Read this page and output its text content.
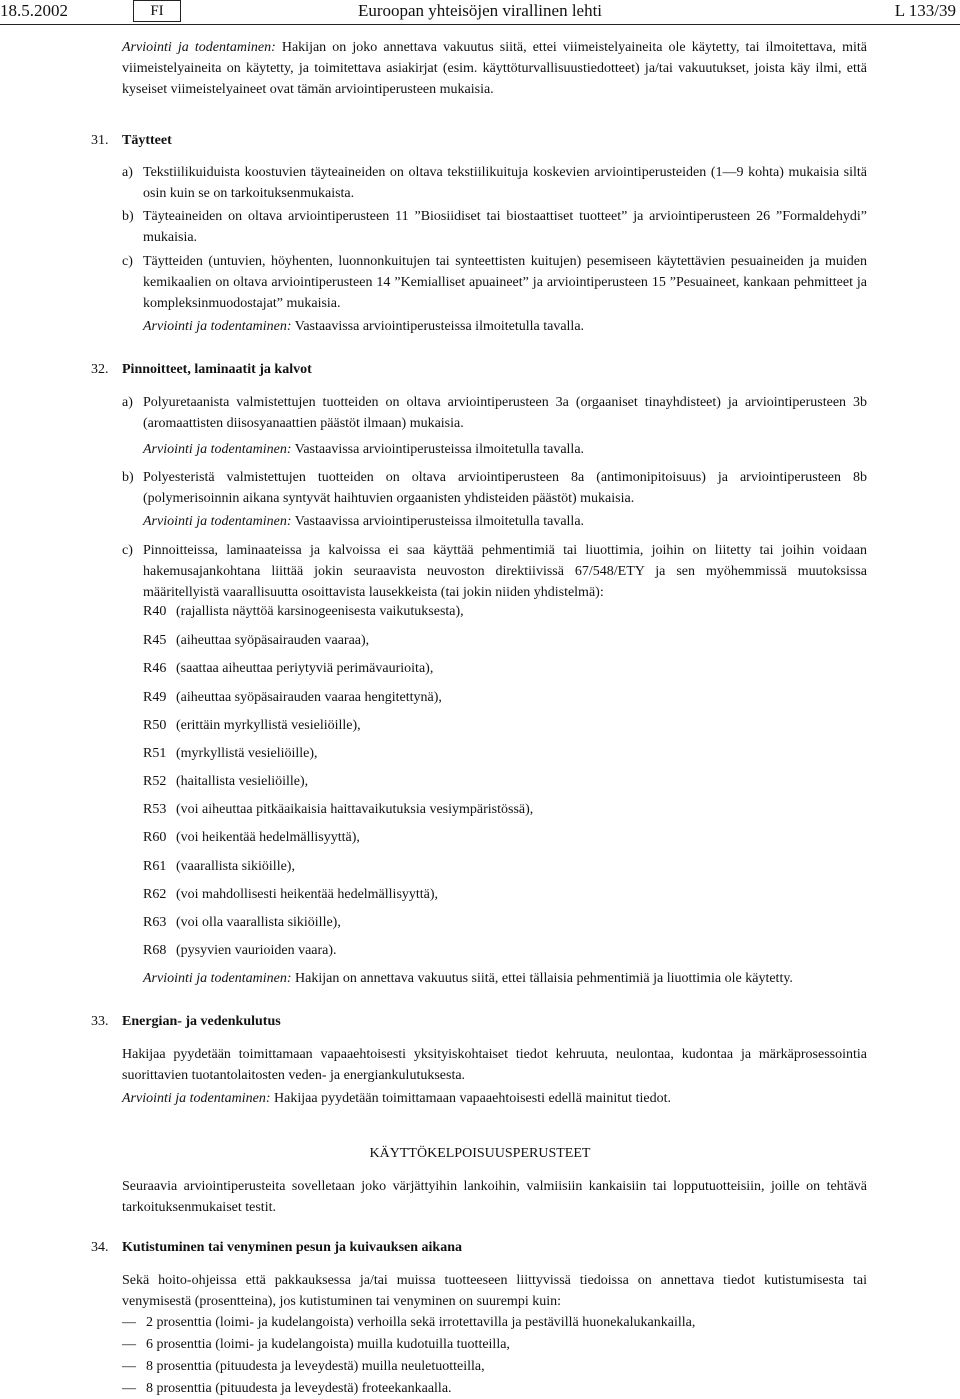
18.5.2002	FI	Euroopan yhteisöjen virallinen lehti	L 133/39
Arviointi ja todentaminen: Hakijan on joko annettava vakuutus siitä, ettei viimeistelyaineita ole käytetty, tai ilmoitettava, mitä viimeistelyaineita on käytetty, ja toimitettava asiakirjat (esim. käyttöturvallisuustiedotteet) ja/tai vakuutukset, joista käy ilmi, että kyseiset viimeistelyaineet ovat tämän arviointiperusteen mukaisia.
31. Täytteet
a) Tekstiilikuiduista koostuvien täyteaineiden on oltava tekstiilikuituja koskevien arviointiperusteiden (1—9 kohta) mukaisia siltä osin kuin se on tarkoituksenmukaista.
b) Täyteaineiden on oltava arviointiperusteen 11 ”Biosiidiset tai biostaattiset tuotteet” ja arviointiperusteen 26 ”Formaldehydi” mukaisia.
c) Täytteiden (untuvien, höyhenten, luonnonkuitujen tai synteettisten kuitujen) pesemiseen käytettävien pesuaineiden ja muiden kemikaalien on oltava arviointiperusteen 14 ”Kemialliset apuaineet” ja arviointiperusteen 15 ”Pesuaineet, kankaan pehmitteet ja kompleksinmuodostajat” mukaisia.
Arviointi ja todentaminen: Vastaavissa arviointiperusteissa ilmoitetulla tavalla.
32. Pinnoitteet, laminaatit ja kalvot
a) Polyuretaanista valmistettujen tuotteiden on oltava arviointiperusteen 3a (orgaaniset tinayhdisteet) ja arviointiperusteen 3b (aromaattisten diisosyanaattien päästöt ilmaan) mukaisia.
Arviointi ja todentaminen: Vastaavissa arviointiperusteissa ilmoitetulla tavalla.
b) Polyesteristä valmistettujen tuotteiden on oltava arviointiperusteen 8a (antimonipitoisuus) ja arviointiperusteen 8b (polymerisoinnin aikana syntyvät haihtuvien orgaanisten yhdisteiden päästöt) mukaisia.
Arviointi ja todentaminen: Vastaavissa arviointiperusteissa ilmoitetulla tavalla.
c) Pinnoitteissa, laminaateissa ja kalvoissa ei saa käyttää pehmentimiä tai liuottimia, joihin on liitetty tai joihin voidaan hakemusajankohtana liittää jokin seuraavista neuvoston direktiivissä 67/548/ETY ja sen myöhemmissä muutoksissa määritellyistä vaarallisuutta osoittavista lausekkeista (tai jokin niiden yhdistelmä):
R40 (rajallista näyttöä karsinogeenisesta vaikutuksesta),
R45 (aiheuttaa syöpäsairauden vaaraa),
R46 (saattaa aiheuttaa periytyviä perimävaurioita),
R49 (aiheuttaa syöpäsairauden vaaraa hengitettynä),
R50 (erittäin myrkyllistä vesieliöille),
R51 (myrkyllistä vesieliöille),
R52 (haitallista vesieliöille),
R53 (voi aiheuttaa pitkäaikaisia haittavaikutuksia vesiympäristössä),
R60 (voi heikentää hedelmällisyyttä),
R61 (vaarallista sikiöille),
R62 (voi mahdollisesti heikentää hedelmällisyyttä),
R63 (voi olla vaarallista sikiöille),
R68 (pysyvien vaurioiden vaara).
Arviointi ja todentaminen: Hakijan on annettava vakuutus siitä, ettei tällaisia pehmentimiä ja liuottimia ole käytetty.
33. Energian- ja vedenkulutus
Hakijaa pyydetään toimittamaan vapaaehtoisesti yksityiskohtaiset tiedot kehruuta, neulontaa, kudontaa ja märkäprosessointia suorittavien tuotantolaitosten veden- ja energiankulutuksesta.
Arviointi ja todentaminen: Hakijaa pyydetään toimittamaan vapaaehtoisesti edellä mainitut tiedot.
KÄYTTÖKELPOISUUSPERUSTEET
Seuraavia arviointiperusteita sovelletaan joko värjättyihin lankoihin, valmiisiin kankaisiin tai lopputuotteisiin, joille on tehtävä tarkoituksenmukaiset testit.
34. Kutistuminen tai venyminen pesun ja kuivauksen aikana
Sekä hoito-ohjeissa että pakkauksessa ja/tai muissa tuotteeseen liittyvissä tiedoissa on annettava tiedot kutistumisesta tai venymisestä (prosentteina), jos kutistuminen tai venyminen on suurempi kuin:
— 2 prosenttia (loimi- ja kudelangoista) verhoilla sekä irrotettavilla ja pestävillä huonekalukankailla,
— 6 prosenttia (loimi- ja kudelangoista) muilla kudotuilla tuotteilla,
— 8 prosenttia (pituudesta ja leveydestä) muilla neuletuotteilla,
— 8 prosenttia (pituudesta ja leveydestä) froteekankaalla.
